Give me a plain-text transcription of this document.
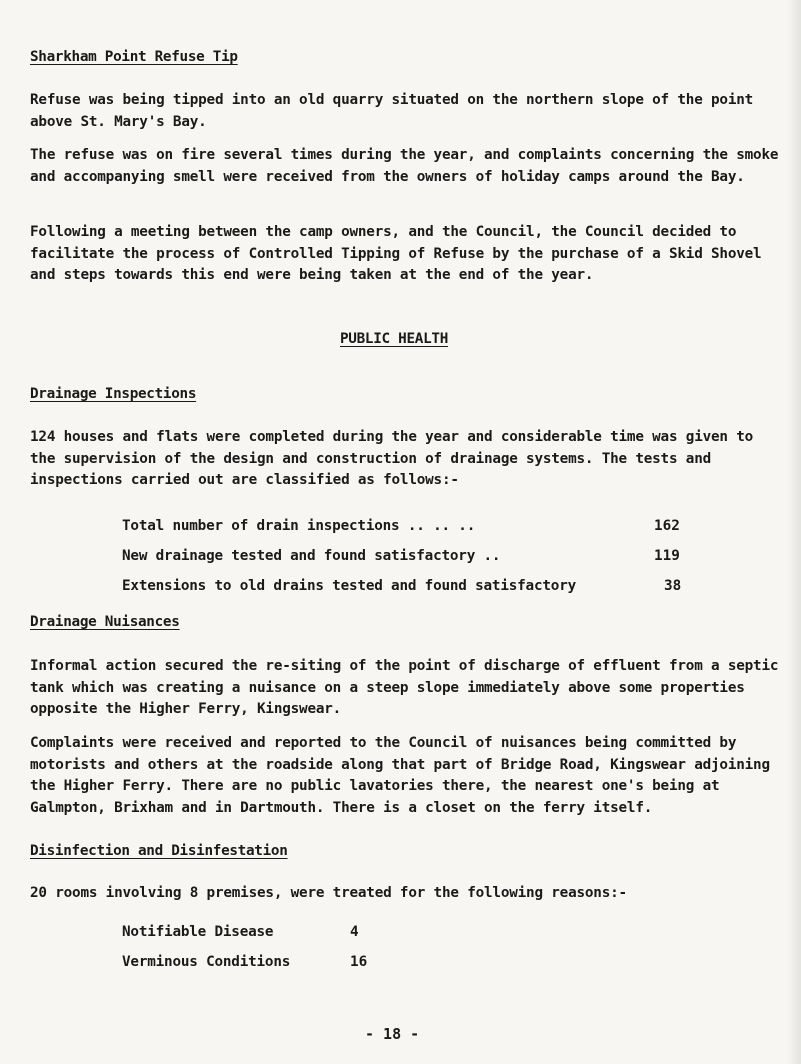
Sharkham Point Refuse Tip

Refuse was being tipped into an old quarry situated on the northern slope of the point above St. Mary's Bay.

The refuse was on fire several times during the year, and complaints concerning the smoke and accompanying smell were received from the owners of holiday camps around the Bay.

Following a meeting between the camp owners, and the Council, the Council decided to facilitate the process of Controlled Tipping of Refuse by the purchase of a Skid Shovel and steps towards this end were being taken at the end of the year.

PUBLIC HEALTH
Drainage Inspections

124 houses and flats were completed during the year and considerable time was given to the supervision of the design and construction of drainage systems. The tests and inspections carried out are classified as follows:-

Total number of drain inspections .. .. ..	162
New drainage tested and found satisfactory ..	119
Extensions to old drains tested and found satisfactory	38
Drainage Nuisances

Informal action secured the re-siting of the point of discharge of effluent from a septic tank which was creating a nuisance on a steep slope immediately above some properties opposite the Higher Ferry, Kingswear.

Complaints were received and reported to the Council of nuisances being committed by motorists and others at the roadside along that part of Bridge Road, Kingswear adjoining the Higher Ferry. There are no public lavatories there, the nearest one's being at Galmpton, Brixham and in Dartmouth. There is a closet on the ferry itself.

Disinfection and Disinfestation

20 rooms involving 8 premises, were treated for the following reasons:-

Notifiable Disease	4
Verminous Conditions	16
- 18 -
